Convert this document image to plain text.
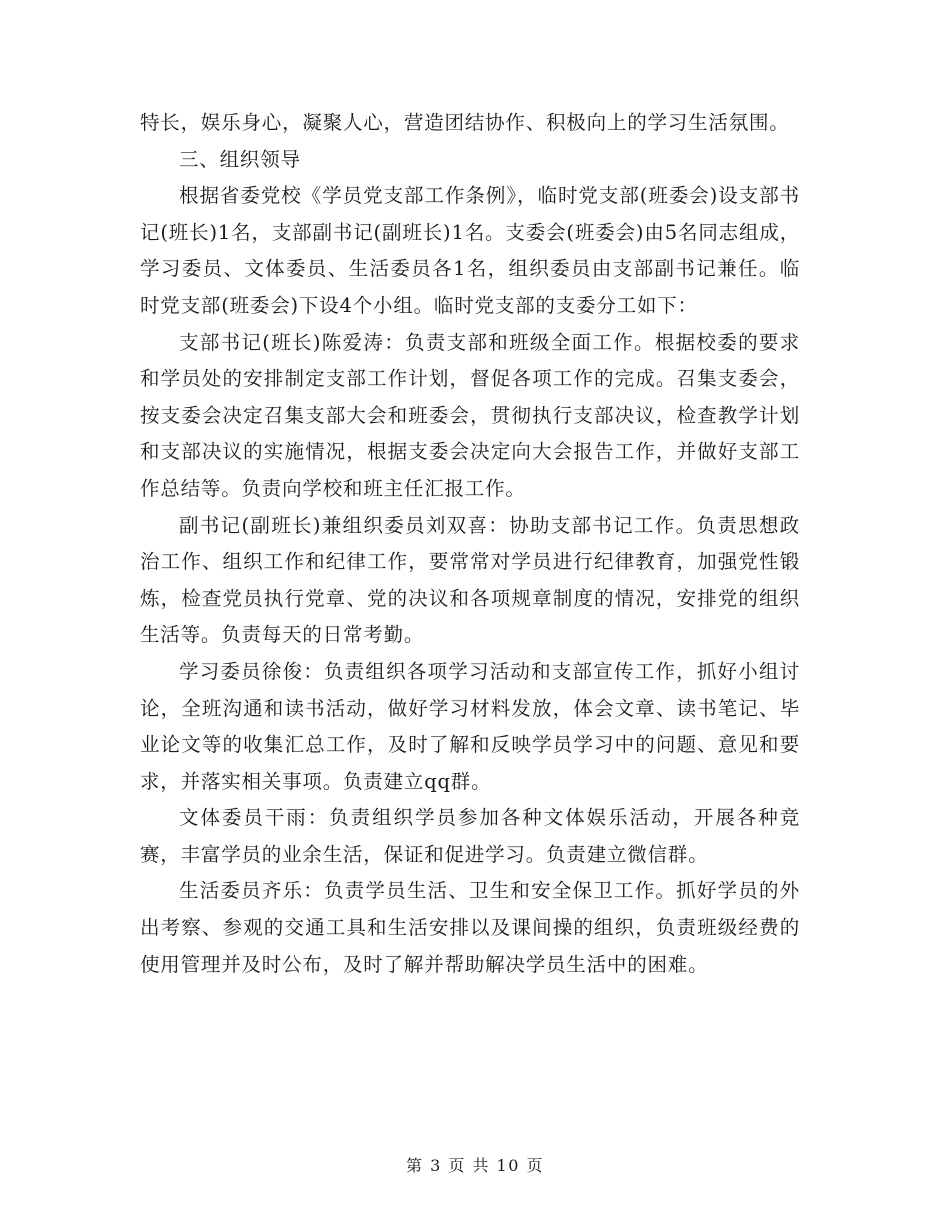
特长，娱乐身心，凝聚人心，营造团结协作、积极向上的学习生活氛围。

三、组织领导

根据省委党校《学员党支部工作条例》，临时党支部(班委会)设支部书记(班长)1名，支部副书记(副班长)1名。支委会(班委会)由5名同志组成，学习委员、文体委员、生活委员各1名，组织委员由支部副书记兼任。临时党支部(班委会)下设4个小组。临时党支部的支委分工如下：

支部书记(班长)陈爱涛：负责支部和班级全面工作。根据校委的要求和学员处的安排制定支部工作计划，督促各项工作的完成。召集支委会，按支委会决定召集支部大会和班委会，贯彻执行支部决议，检查教学计划和支部决议的实施情况，根据支委会决定向大会报告工作，并做好支部工作总结等。负责向学校和班主任汇报工作。

副书记(副班长)兼组织委员刘双喜：协助支部书记工作。负责思想政治工作、组织工作和纪律工作，要常常对学员进行纪律教育，加强党性锻炼，检查党员执行党章、党的决议和各项规章制度的情况，安排党的组织生活等。负责每天的日常考勤。

学习委员徐俊：负责组织各项学习活动和支部宣传工作，抓好小组讨论，全班沟通和读书活动，做好学习材料发放，体会文章、读书笔记、毕业论文等的收集汇总工作，及时了解和反映学员学习中的问题、意见和要求，并落实相关事项。负责建立qq群。

文体委员干雨：负责组织学员参加各种文体娱乐活动，开展各种竞赛，丰富学员的业余生活，保证和促进学习。负责建立微信群。

生活委员齐乐：负责学员生活、卫生和安全保卫工作。抓好学员的外出考察、参观的交通工具和生活安排以及课间操的组织，负责班级经费的使用管理并及时公布，及时了解并帮助解决学员生活中的困难。

第 3 页 共 10 页
